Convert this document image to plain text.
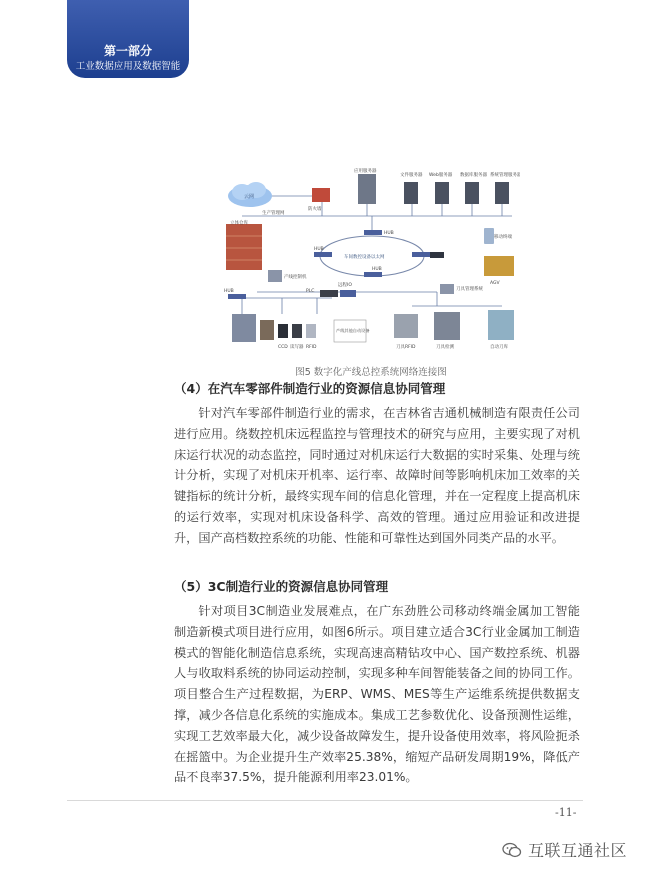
第一部分
工业数据应用及数据智能
云网
防火墙
应用服务器
文件服务器 Web服务器 数据库服务器 系统管理服务器
生产管理网
立体仓库
HUB
HUB
HUB
车间数控设备以太网
移动终端
AGV
产线控制机
HUB	PLC
远程IO
刀具管理系统
CCD 读写器 RFID
产线其他自动设备
刀具RFID	刀具检测	自动刀库
图5 数字化产线总控系统网络连接图
（4）在汽车零部件制造行业的资源信息协同管理

针对汽车零部件制造行业的需求，在吉林省吉通机械制造有限责任公司进行应用。绕数控机床远程监控与管理技术的研究与应用，主要实现了对机床运行状况的动态监控，同时通过对机床运行大数据的实时采集、处理与统计分析，实现了对机床开机率、运行率、故障时间等影响机床加工效率的关键指标的统计分析，最终实现车间的信息化管理，并在一定程度上提高机床的运行效率，实现对机床设备科学、高效的管理。通过应用验证和改进提升，国产高档数控系统的功能、性能和可靠性达到国外同类产品的水平。

（5）3C制造行业的资源信息协同管理

针对项目3C制造业发展难点，在广东劲胜公司移动终端金属加工智能制造新模式项目进行应用，如图6所示。项目建立适合3C行业金属加工制造模式的智能化制造信息系统，实现高速高精钻攻中心、国产数控系统、机器人与收取料系统的协同运动控制，实现多种车间智能装备之间的协同工作。项目整合生产过程数据，为ERP、WMS、MES等生产运维系统提供数据支撑，减少各信息化系统的实施成本。集成工艺参数优化、设备预测性运维，实现工艺效率最大化，减少设备故障发生，提升设备使用效率，将风险扼杀在摇篮中。为企业提升生产效率25.38%，缩短产品研发周期19%，降低产品不良率37.5%，提升能源利用率23.01%。

-11-
互联互通社区
